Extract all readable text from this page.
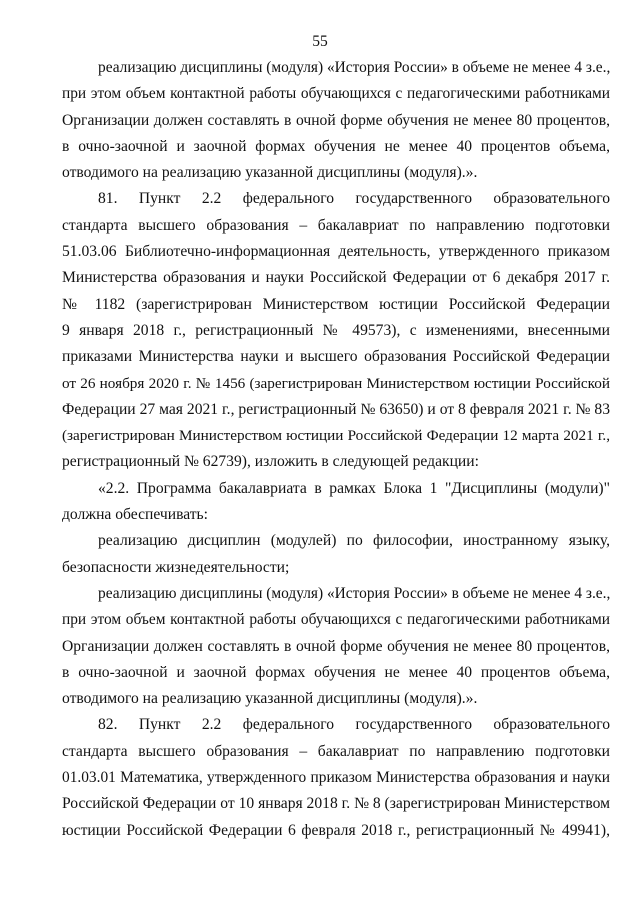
55
реализацию дисциплины (модуля) «История России» в объеме не менее 4 з.е.,
при этом объем контактной работы обучающихся с педагогическими работниками
Организации должен составлять в очной форме обучения не менее 80 процентов,
в очно-заочной и заочной формах обучения не менее 40 процентов объема,
отводимого на реализацию указанной дисциплины (модуля).».
81. Пункт 2.2 федерального государственного образовательного
стандарта высшего образования – бакалавриат по направлению подготовки
51.03.06 Библиотечно-информационная деятельность, утвержденного приказом
Министерства образования и науки Российской Федерации от 6 декабря 2017 г.
№ 1182 (зарегистрирован Министерством юстиции Российской Федерации
9 января 2018 г., регистрационный № 49573), с изменениями, внесенными
приказами Министерства науки и высшего образования Российской Федерации
от 26 ноября 2020 г. № 1456 (зарегистрирован Министерством юстиции Российской
Федерации 27 мая 2021 г., регистрационный № 63650) и от 8 февраля 2021 г. № 83
(зарегистрирован Министерством юстиции Российской Федерации 12 марта 2021 г.,
регистрационный № 62739), изложить в следующей редакции:
«2.2. Программа бакалавриата в рамках Блока 1 "Дисциплины (модули)"
должна обеспечивать:
реализацию дисциплин (модулей) по философии, иностранному языку,
безопасности жизнедеятельности;
реализацию дисциплины (модуля) «История России» в объеме не менее 4 з.е.,
при этом объем контактной работы обучающихся с педагогическими работниками
Организации должен составлять в очной форме обучения не менее 80 процентов,
в очно-заочной и заочной формах обучения не менее 40 процентов объема,
отводимого на реализацию указанной дисциплины (модуля).».
82. Пункт 2.2 федерального государственного образовательного
стандарта высшего образования – бакалавриат по направлению подготовки
01.03.01 Математика, утвержденного приказом Министерства образования и науки
Российской Федерации от 10 января 2018 г. № 8 (зарегистрирован Министерством
юстиции Российской Федерации 6 февраля 2018 г., регистрационный № 49941),
